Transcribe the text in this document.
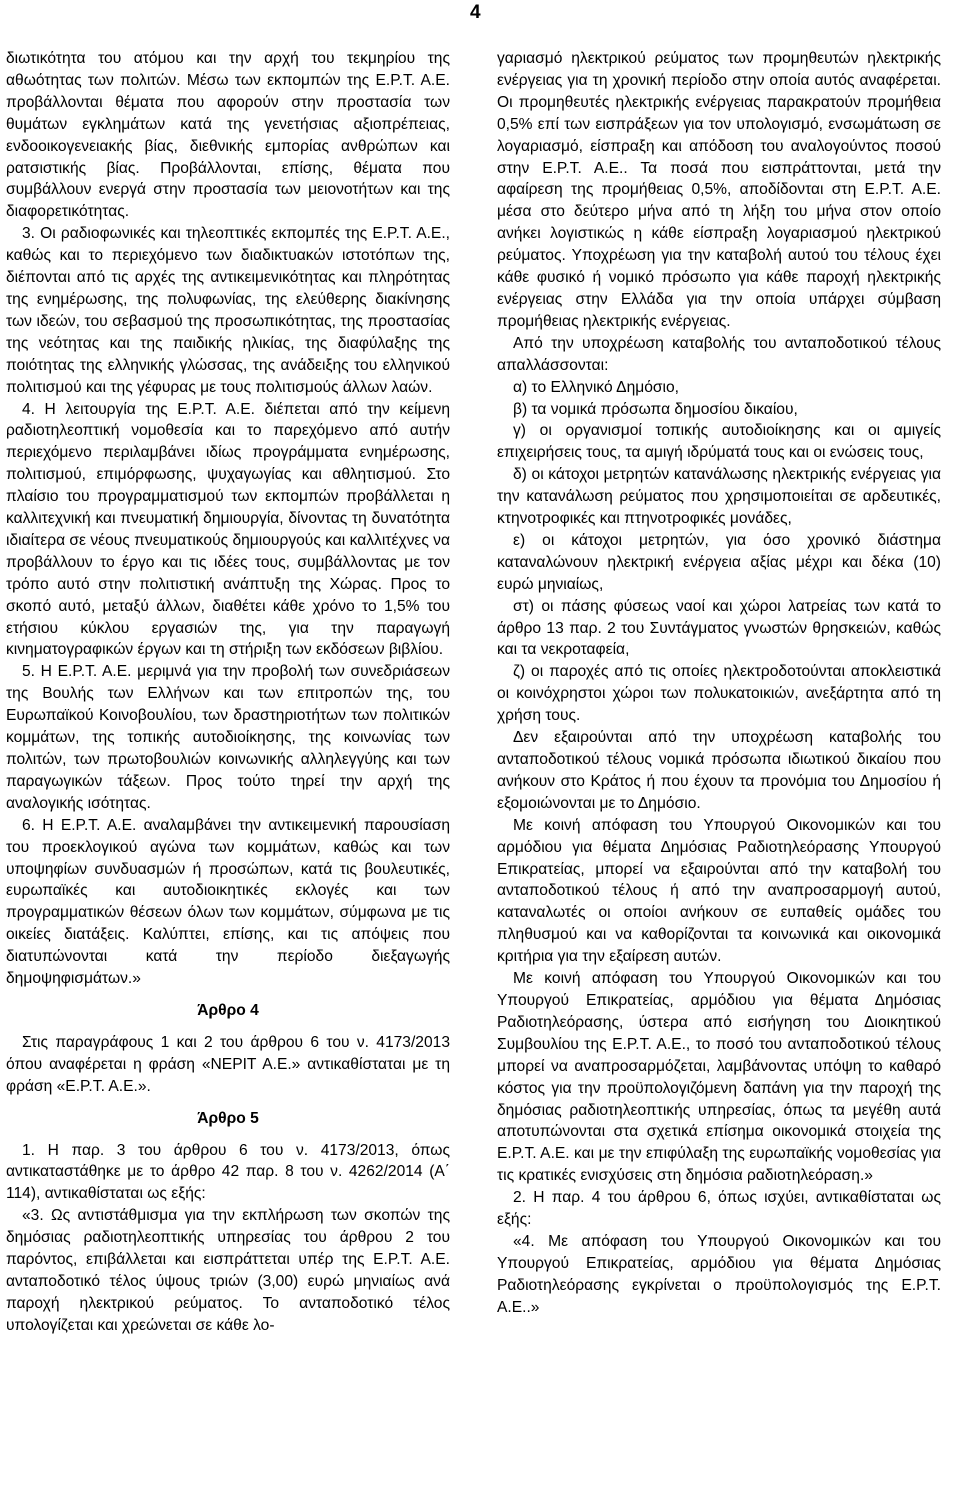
4

διωτικότητα του ατόμου και την αρχή του τεκμηρίου της αθωότητας των πολιτών. Μέσω των εκπομπών της Ε.Ρ.Τ. Α.Ε. προβάλλονται θέματα που αφορούν στην προστασία των θυμάτων εγκλημάτων κατά της γενετήσιας αξιοπρέπειας, ενδοοικογενειακής βίας, διεθνικής εμπορίας ανθρώπων και ρατσιστικής βίας. Προβάλλονται, επίσης, θέματα που συμβάλλουν ενεργά στην προστασία των μειονοτήτων και της διαφορετικότητας.

3. Οι ραδιοφωνικές και τηλεοπτικές εκπομπές της Ε.Ρ.Τ. Α.Ε., καθώς και το περιεχόμενο των διαδικτυακών ιστοτόπων της, διέπονται από τις αρχές της αντικειμενικότητας και πληρότητας της ενημέρωσης, της πολυφωνίας, της ελεύθερης διακίνησης των ιδεών, του σεβασμού της προσωπικότητας, της προστασίας της νεότητας και της παιδικής ηλικίας, της διαφύλαξης της ποιότητας της ελληνικής γλώσσας, της ανάδειξης του ελληνικού πολιτισμού και της γέφυρας με τους πολιτισμούς άλλων λαών.

4. Η λειτουργία της Ε.Ρ.Τ. Α.Ε. διέπεται από την κείμενη ραδιοτηλεοπτική νομοθεσία και το παρεχόμενο από αυτήν περιεχόμενο περιλαμβάνει ιδίως προγράμματα ενημέρωσης, πολιτισμού, επιμόρφωσης, ψυχαγωγίας και αθλητισμού. Στο πλαίσιο του προγραμματισμού των εκπομπών προβάλλεται η καλλιτεχνική και πνευματική δημιουργία, δίνοντας τη δυνατότητα ιδιαίτερα σε νέους πνευματικούς δημιουργούς και καλλιτέχνες να προβάλλουν το έργο και τις ιδέες τους, συμβάλλοντας με τον τρόπο αυτό στην πολιτιστική ανάπτυξη της Χώρας. Προς το σκοπό αυτό, μεταξύ άλλων, διαθέτει κάθε χρόνο το 1,5% του ετήσιου κύκλου εργασιών της, για την παραγωγή κινηματογραφικών έργων και τη στήριξη των εκδόσεων βιβλίου.

5. Η Ε.Ρ.Τ. Α.Ε. μεριμνά για την προβολή των συνεδριάσεων της Βουλής των Ελλήνων και των επιτροπών της, του Ευρωπαϊκού Κοινοβουλίου, των δραστηριοτήτων των πολιτικών κομμάτων, της τοπικής αυτοδιοίκησης, της κοινωνίας των πολιτών, των πρωτοβουλιών κοινωνικής αλληλεγγύης και των παραγωγικών τάξεων. Προς τούτο τηρεί την αρχή της αναλογικής ισότητας.

6. Η Ε.Ρ.Τ. Α.Ε. αναλαμβάνει την αντικειμενική παρουσίαση του προεκλογικού αγώνα των κομμάτων, καθώς και των υποψηφίων συνδυασμών ή προσώπων, κατά τις βουλευτικές, ευρωπαϊκές και αυτοδιοικητικές εκλογές και των προγραμματικών θέσεων όλων των κομμάτων, σύμφωνα με τις οικείες διατάξεις. Καλύπτει, επίσης, και τις απόψεις που διατυπώνονται κατά την περίοδο διεξαγωγής δημοψηφισμάτων.»

Άρθρο 4

Στις παραγράφους 1 και 2 του άρθρου 6 του ν. 4173/2013 όπου αναφέρεται η φράση «ΝΕΡΙΤ Α.Ε.» αντικαθίσταται με τη φράση «Ε.Ρ.Τ. Α.Ε.».

Άρθρο 5

1. Η παρ. 3 του άρθρου 6 του ν. 4173/2013, όπως αντικαταστάθηκε με το άρθρο 42 παρ. 8 του ν. 4262/2014 (Α΄ 114), αντικαθίσταται ως εξής:

«3. Ως αντιστάθμισμα για την εκπλήρωση των σκοπών της δημόσιας ραδιοτηλεοπτικής υπηρεσίας του άρθρου 2 του παρόντος, επιβάλλεται και εισπράττεται υπέρ της Ε.Ρ.Τ. Α.Ε. ανταποδοτικό τέλος ύψους τριών (3,00) ευρώ μηνιαίως ανά παροχή ηλεκτρικού ρεύματος. Το ανταποδοτικό τέλος υπολογίζεται και χρεώνεται σε κάθε λο-

γαριασμό ηλεκτρικού ρεύματος των προμηθευτών ηλεκτρικής ενέργειας για τη χρονική περίοδο στην οποία αυτός αναφέρεται. Οι προμηθευτές ηλεκτρικής ενέργειας παρακρατούν προμήθεια 0,5% επί των εισπράξεων για τον υπολογισμό, ενσωμάτωση σε λογαριασμό, είσπραξη και απόδοση του αναλογούντος ποσού στην Ε.Ρ.Τ. Α.Ε.. Τα ποσά που εισπράττονται, μετά την αφαίρεση της προμήθειας 0,5%, αποδίδονται στη Ε.Ρ.Τ. Α.Ε. μέσα στο δεύτερο μήνα από τη λήξη του μήνα στον οποίο ανήκει λογιστικώς η κάθε είσπραξη λογαριασμού ηλεκτρικού ρεύματος. Υποχρέωση για την καταβολή αυτού του τέλους έχει κάθε φυσικό ή νομικό πρόσωπο για κάθε παροχή ηλεκτρικής ενέργειας στην Ελλάδα για την οποία υπάρχει σύμβαση προμήθειας ηλεκτρικής ενέργειας.

Από την υποχρέωση καταβολής του ανταποδοτικού τέλους απαλλάσσονται:

α) το Ελληνικό Δημόσιο,

β) τα νομικά πρόσωπα δημοσίου δικαίου,

γ) οι οργανισμοί τοπικής αυτοδιοίκησης και οι αμιγείς επιχειρήσεις τους, τα αμιγή ιδρύματά τους και οι ενώσεις τους,

δ) οι κάτοχοι μετρητών κατανάλωσης ηλεκτρικής ενέργειας για την κατανάλωση ρεύματος που χρησιμοποιείται σε αρδευτικές, κτηνοτροφικές και πτηνοτροφικές μονάδες,

ε) οι κάτοχοι μετρητών, για όσο χρονικό διάστημα καταναλώνουν ηλεκτρική ενέργεια αξίας μέχρι και δέκα (10) ευρώ μηνιαίως,

στ) οι πάσης φύσεως ναοί και χώροι λατρείας των κατά το άρθρο 13 παρ. 2 του Συντάγματος γνωστών θρησκειών, καθώς και τα νεκροταφεία,

ζ) οι παροχές από τις οποίες ηλεκτροδοτούνται αποκλειστικά οι κοινόχρηστοι χώροι των πολυκατοικιών, ανεξάρτητα από τη χρήση τους.

Δεν εξαιρούνται από την υποχρέωση καταβολής του ανταποδοτικού τέλους νομικά πρόσωπα ιδιωτικού δικαίου που ανήκουν στο Κράτος ή που έχουν τα προνόμια του Δημοσίου ή εξομοιώνονται με το Δημόσιο.

Με κοινή απόφαση του Υπουργού Οικονομικών και του αρμόδιου για θέματα Δημόσιας Ραδιοτηλεόρασης Υπουργού Επικρατείας, μπορεί να εξαιρούνται από την καταβολή του ανταποδοτικού τέλους ή από την αναπροσαρμογή αυτού, καταναλωτές οι οποίοι ανήκουν σε ευπαθείς ομάδες του πληθυσμού και να καθορίζονται τα κοινωνικά και οικονομικά κριτήρια για την εξαίρεση αυτών.

Με κοινή απόφαση του Υπουργού Οικονομικών και του Υπουργού Επικρατείας, αρμόδιου για θέματα Δημόσιας Ραδιοτηλεόρασης, ύστερα από εισήγηση του Διοικητικού Συμβουλίου της Ε.Ρ.Τ. Α.Ε., το ποσό του ανταποδοτικού τέλους μπορεί να αναπροσαρμόζεται, λαμβάνοντας υπόψη το καθαρό κόστος για την προϋπολογιζόμενη δαπάνη για την παροχή της δημόσιας ραδιοτηλεοπτικής υπηρεσίας, όπως τα μεγέθη αυτά αποτυπώνονται στα σχετικά επίσημα οικονομικά στοιχεία της Ε.Ρ.Τ. Α.Ε. και με την επιφύλαξη της ευρωπαϊκής νομοθεσίας για τις κρατικές ενισχύσεις στη δημόσια ραδιοτηλεόραση.»

2. Η παρ. 4 του άρθρου 6, όπως ισχύει, αντικαθίσταται ως εξής:

«4. Με απόφαση του Υπουργού Οικονομικών και του Υπουργού Επικρατείας, αρμόδιου για θέματα Δημόσιας Ραδιοτηλεόρασης εγκρίνεται ο προϋπολογισμός της Ε.Ρ.Τ. Α.Ε..»
